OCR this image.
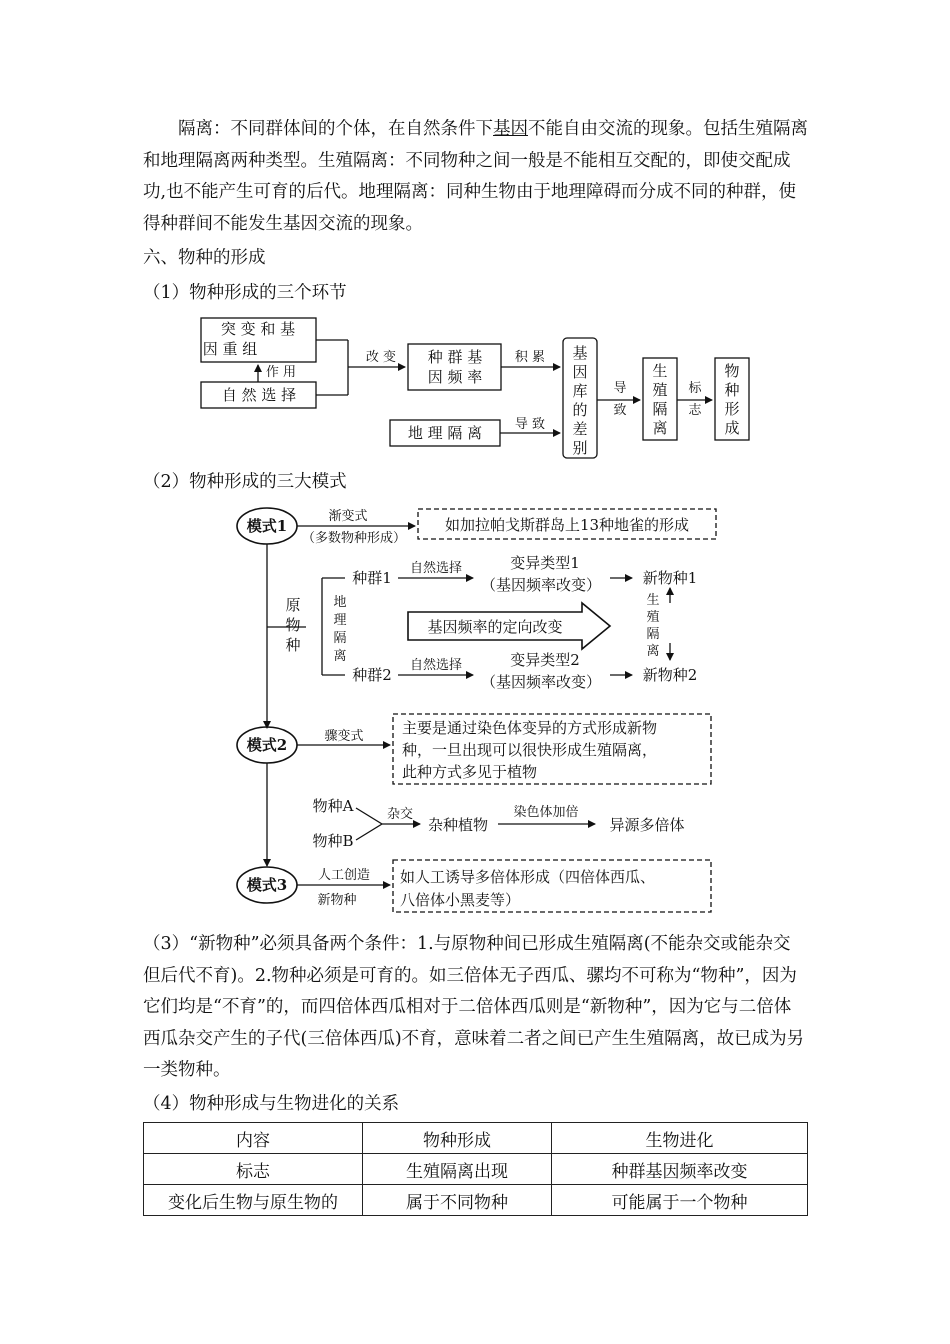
隔离：不同群体间的个体，在自然条件下基因不能自由交流的现象。包括生殖隔离和地理隔离两种类型。生殖隔离：不同物种之间一般是不能相互交配的，即使交配成功,也不能产生可育的后代。地理隔离：同种生物由于地理障碍而分成不同的种群，使得种群间不能发生基因交流的现象。

六、物种的形成
（1）物种形成的三个环节
突 变 和 基
因 重 组
自 然 选 择
作 用
改 变 种 群 基
因 频 率
积 累 基
因
库
的
差
别
地 理 隔 离	导 致
导
致
标
志
生
殖
隔
离
物
种
形
成
（2）物种形成的三大模式
模式1
渐变式
（多数物种形成）
如加拉帕戈斯群岛上13种地雀的形成
原
物
种
地
理
隔
离
种群1
种群2
自然选择
自然选择
变异类型1
（基因频率改变）
变异类型2
（基因频率改变）
新物种1
新物种2
基因频率的定向改变
生
殖
隔
离
模式2	骤变式	主要是通过染色体变异的方式形成新物
种，一旦出现可以很快形成生殖隔离，
此种方式多见于植物
物种A
物种B
杂交
杂种植物
染色体加倍
异源多倍体
模式3
人工创造
新物种
如人工诱导多倍体形成（四倍体西瓜、
八倍体小黑麦等）

（3）“新物种”必须具备两个条件：1.与原物种间已形成生殖隔离(不能杂交或能杂交但后代不育)。2.物种必须是可育的。如三倍体无子西瓜、骡均不可称为“物种”，因为它们均是“不育”的，而四倍体西瓜相对于二倍体西瓜则是“新物种”，因为它与二倍体西瓜杂交产生的子代(三倍体西瓜)不育，意味着二者之间已产生生殖隔离，故已成为另一类物种。

（4）物种形成与生物进化的关系
内容	物种形成	生物进化
标志	生殖隔离出现	种群基因频率改变
变化后生物与原生物的	属于不同物种	可能属于一个物种
